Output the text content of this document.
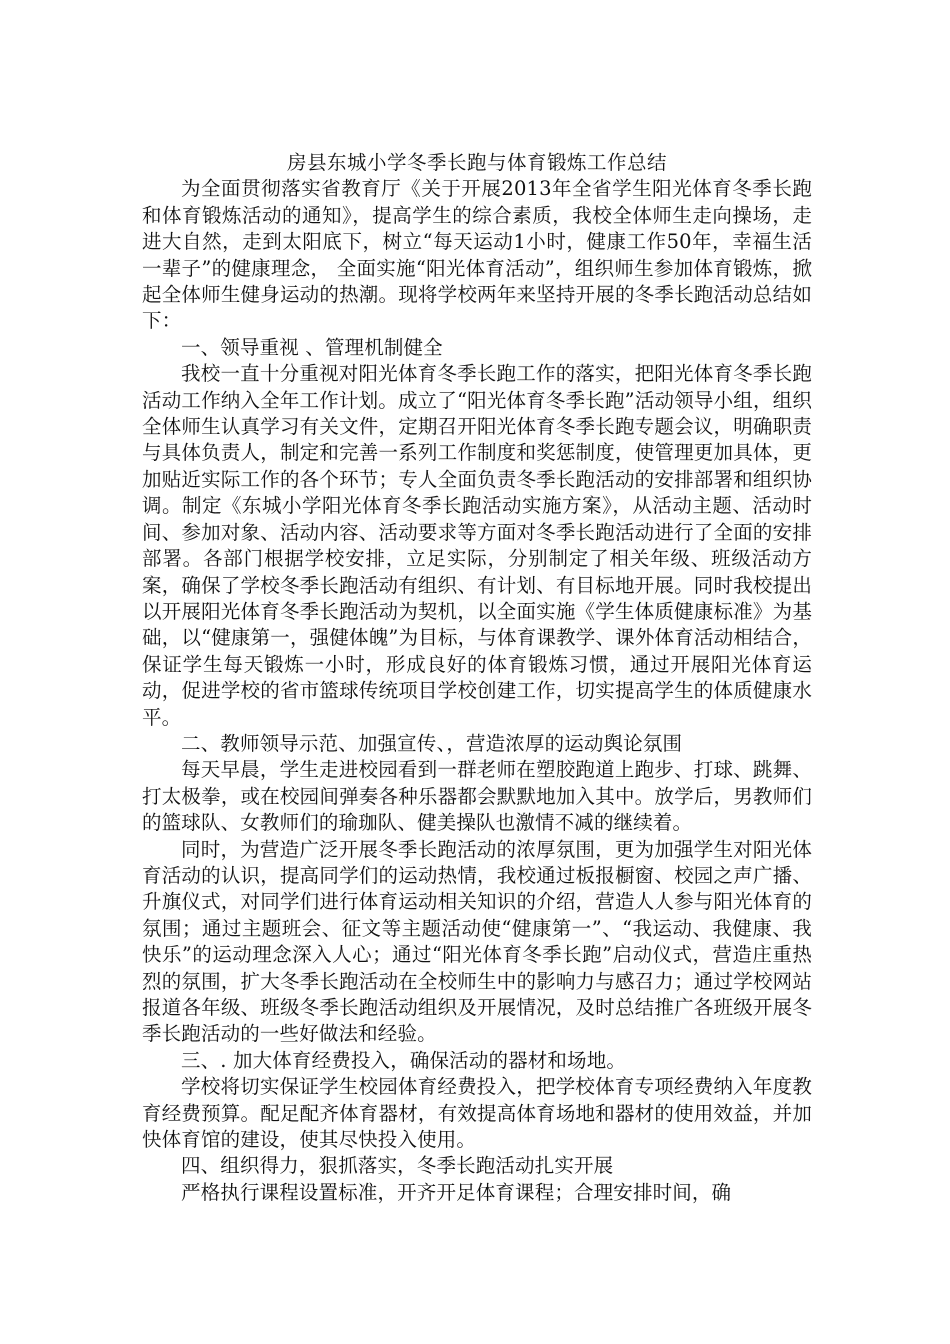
房县东城小学冬季长跑与体育锻炼工作总结

为全面贯彻落实省教育厅《关于开展2013年全省学生阳光体育冬季长跑和体育锻炼活动的通知》，提高学生的综合素质，我校全体师生走向操场，走进大自然，走到太阳底下，树立“每天运动1小时，健康工作50年，幸福生活一辈子”的健康理念， 全面实施“阳光体育活动”，组织师生参加体育锻炼，掀起全体师生健身运动的热潮。现将学校两年来坚持开展的冬季长跑活动总结如下：

一、领导重视 、管理机制健全

我校一直十分重视对阳光体育冬季长跑工作的落实，把阳光体育冬季长跑活动工作纳入全年工作计划。成立了“阳光体育冬季长跑”活动领导小组，组织全体师生认真学习有关文件，定期召开阳光体育冬季长跑专题会议，明确职责与具体负责人，制定和完善一系列工作制度和奖惩制度，使管理更加具体，更加贴近实际工作的各个环节；专人全面负责冬季长跑活动的安排部署和组织协调。制定《东城小学阳光体育冬季长跑活动实施方案》，从活动主题、活动时间、参加对象、活动内容、活动要求等方面对冬季长跑活动进行了全面的安排部署。各部门根据学校安排，立足实际，分别制定了相关年级、班级活动方案，确保了学校冬季长跑活动有组织、有计划、有目标地开展。同时我校提出以开展阳光体育冬季长跑活动为契机，以全面实施《学生体质健康标准》为基础，以“健康第一，强健体魄”为目标，与体育课教学、课外体育活动相结合，保证学生每天锻炼一小时，形成良好的体育锻炼习惯，通过开展阳光体育运动，促进学校的省市篮球传统项目学校创建工作，切实提高学生的体质健康水平。

二、教师领导示范、加强宣传、，营造浓厚的运动舆论氛围

每天早晨，学生走进校园看到一群老师在塑胶跑道上跑步、打球、跳舞、打太极拳，或在校园间弹奏各种乐器都会默默地加入其中。放学后，男教师们的篮球队、女教师们的瑜珈队、健美操队也激情不减的继续着。

同时，为营造广泛开展冬季长跑活动的浓厚氛围，更为加强学生对阳光体育活动的认识，提高同学们的运动热情，我校通过板报橱窗、校园之声广播、升旗仪式，对同学们进行体育运动相关知识的介绍，营造人人参与阳光体育的氛围；通过主题班会、征文等主题活动使“健康第一”、“我运动、我健康、我快乐”的运动理念深入人心；通过“阳光体育冬季长跑”启动仪式，营造庄重热烈的氛围，扩大冬季长跑活动在全校师生中的影响力与感召力；通过学校网站报道各年级、班级冬季长跑活动组织及开展情况，及时总结推广各班级开展冬季长跑活动的一些好做法和经验。

三、. 加大体育经费投入，确保活动的器材和场地。

学校将切实保证学生校园体育经费投入，把学校体育专项经费纳入年度教育经费预算。配足配齐体育器材，有效提高体育场地和器材的使用效益，并加快体育馆的建设，使其尽快投入使用。

四、组织得力，狠抓落实，冬季长跑活动扎实开展

严格执行课程设置标准，开齐开足体育课程；合理安排时间，确
